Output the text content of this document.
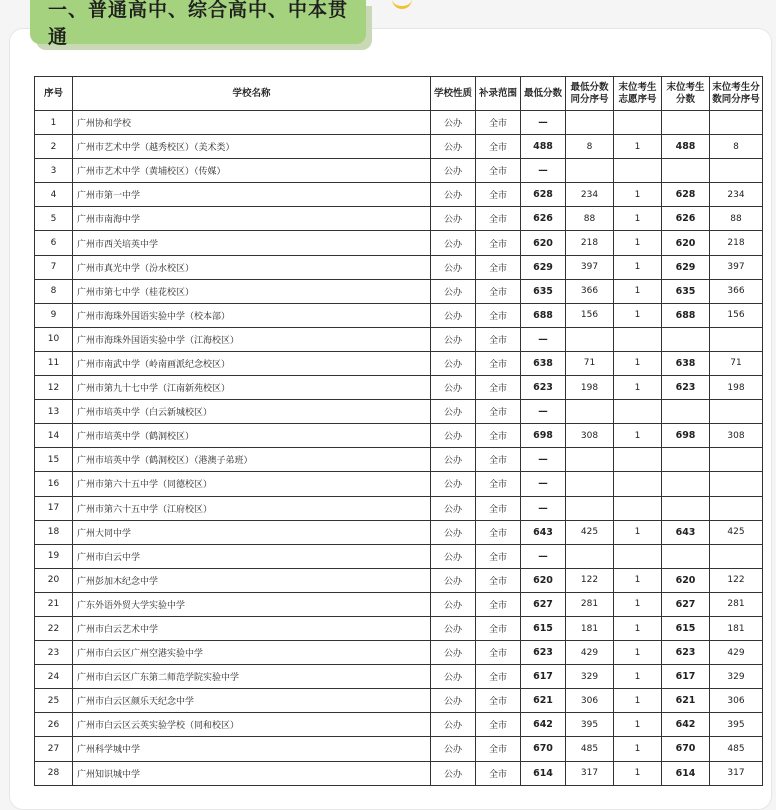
一、普通高中、综合高中、中本贯通
序号	学校名称	学校性质	补录范围	最低分数	最低分数同分序号	末位考生志愿序号	末位考生分数	末位考生分数同分序号
1	广州协和学校	公办	全市	—				
2	广州市艺术中学（越秀校区）（美术类）	公办	全市	488	8	1	488	8
3	广州市艺术中学（黄埔校区）（传媒）	公办	全市	—				
4	广州市第一中学	公办	全市	628	234	1	628	234
5	广州市南海中学	公办	全市	626	88	1	626	88
6	广州市西关培英中学	公办	全市	620	218	1	620	218
7	广州市真光中学（汾水校区）	公办	全市	629	397	1	629	397
8	广州市第七中学（桂花校区）	公办	全市	635	366	1	635	366
9	广州市海珠外国语实验中学（校本部）	公办	全市	688	156	1	688	156
10	广州市海珠外国语实验中学（江海校区）	公办	全市	—				
11	广州市南武中学（岭南画派纪念校区）	公办	全市	638	71	1	638	71
12	广州市第九十七中学（江南新苑校区）	公办	全市	623	198	1	623	198
13	广州市培英中学（白云新城校区）	公办	全市	—				
14	广州市培英中学（鹤洞校区）	公办	全市	698	308	1	698	308
15	广州市培英中学（鹤洞校区）（港澳子弟班）	公办	全市	—				
16	广州市第六十五中学（同德校区）	公办	全市	—				
17	广州市第六十五中学（江府校区）	公办	全市	—				
18	广州大同中学	公办	全市	643	425	1	643	425
19	广州市白云中学	公办	全市	—				
20	广州彭加木纪念中学	公办	全市	620	122	1	620	122
21	广东外语外贸大学实验中学	公办	全市	627	281	1	627	281
22	广州市白云艺术中学	公办	全市	615	181	1	615	181
23	广州市白云区广州空港实验中学	公办	全市	623	429	1	623	429
24	广州市白云区广东第二师范学院实验中学	公办	全市	617	329	1	617	329
25	广州市白云区颜乐天纪念中学	公办	全市	621	306	1	621	306
26	广州市白云区云英实验学校（同和校区）	公办	全市	642	395	1	642	395
27	广州科学城中学	公办	全市	670	485	1	670	485
28	广州知识城中学	公办	全市	614	317	1	614	317
